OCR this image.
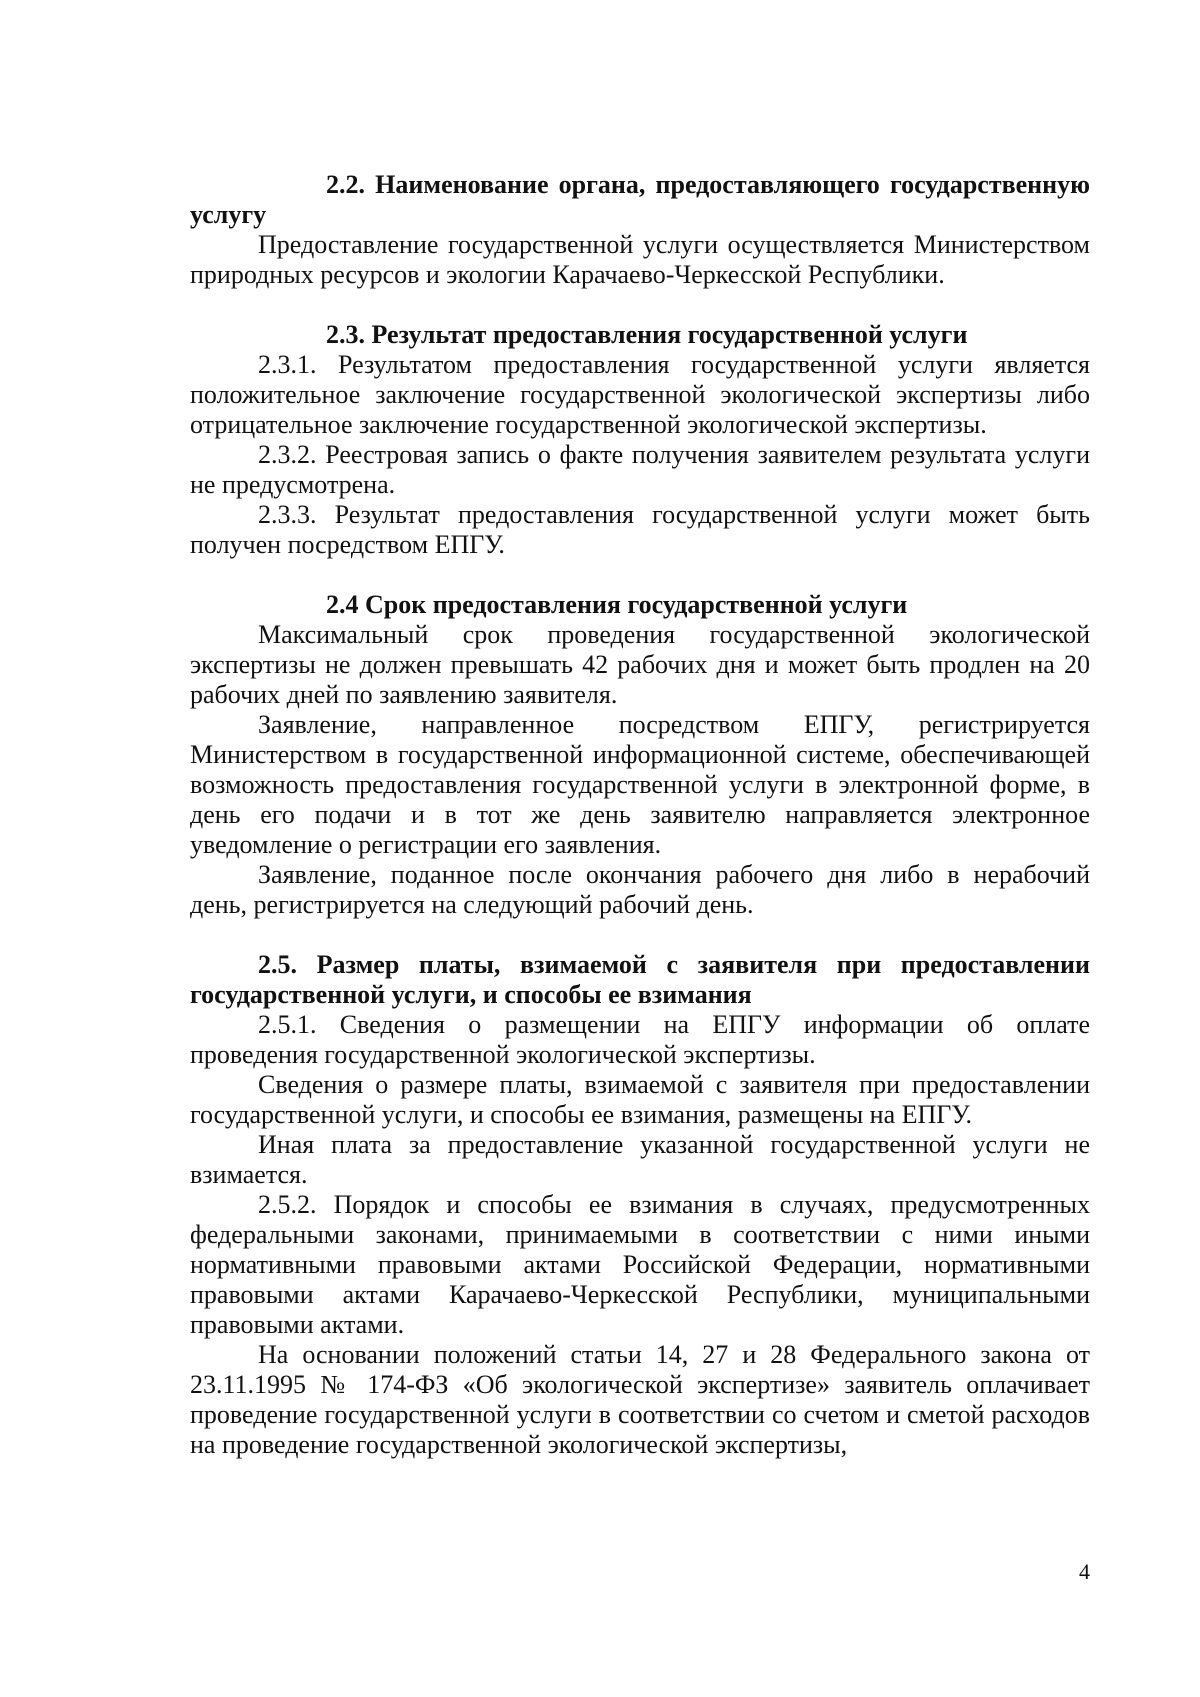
2.2. Наименование органа, предоставляющего государственную услугу

Предоставление государственной услуги осуществляется Министерством природных ресурсов и экологии Карачаево-Черкесской Республики.

2.3. Результат предоставления государственной услуги

2.3.1. Результатом предоставления государственной услуги является положительное заключение государственной экологической экспертизы либо отрицательное заключение государственной экологической экспертизы.

2.3.2. Реестровая запись о факте получения заявителем результата услуги не предусмотрена.

2.3.3. Результат предоставления государственной услуги может быть получен посредством ЕПГУ.

2.4 Срок предоставления государственной услуги

Максимальный срок проведения государственной экологической экспертизы не должен превышать 42 рабочих дня и может быть продлен на 20 рабочих дней по заявлению заявителя.

Заявление, направленное посредством ЕПГУ, регистрируется Министерством в государственной информационной системе, обеспечивающей возможность предоставления государственной услуги в электронной форме, в день его подачи и в тот же день заявителю направляется электронное уведомление о регистрации его заявления.

Заявление, поданное после окончания рабочего дня либо в нерабочий день, регистрируется на следующий рабочий день.

2.5. Размер платы, взимаемой с заявителя при предоставлении государственной услуги, и способы ее взимания

2.5.1. Сведения о размещении на ЕПГУ информации об оплате проведения государственной экологической экспертизы.

Сведения о размере платы, взимаемой с заявителя при предоставлении государственной услуги, и способы ее взимания, размещены на ЕПГУ.

Иная плата за предоставление указанной государственной услуги не взимается.

2.5.2. Порядок и способы ее взимания в случаях, предусмотренных федеральными законами, принимаемыми в соответствии с ними иными нормативными правовыми актами Российской Федерации, нормативными правовыми актами Карачаево-Черкесской Республики, муниципальными правовыми актами.

На основании положений статьи 14, 27 и 28 Федерального закона от 23.11.1995 № 174-ФЗ «Об экологической экспертизе» заявитель оплачивает проведение государственной услуги в соответствии со счетом и сметой расходов на проведение государственной экологической экспертизы,

4
